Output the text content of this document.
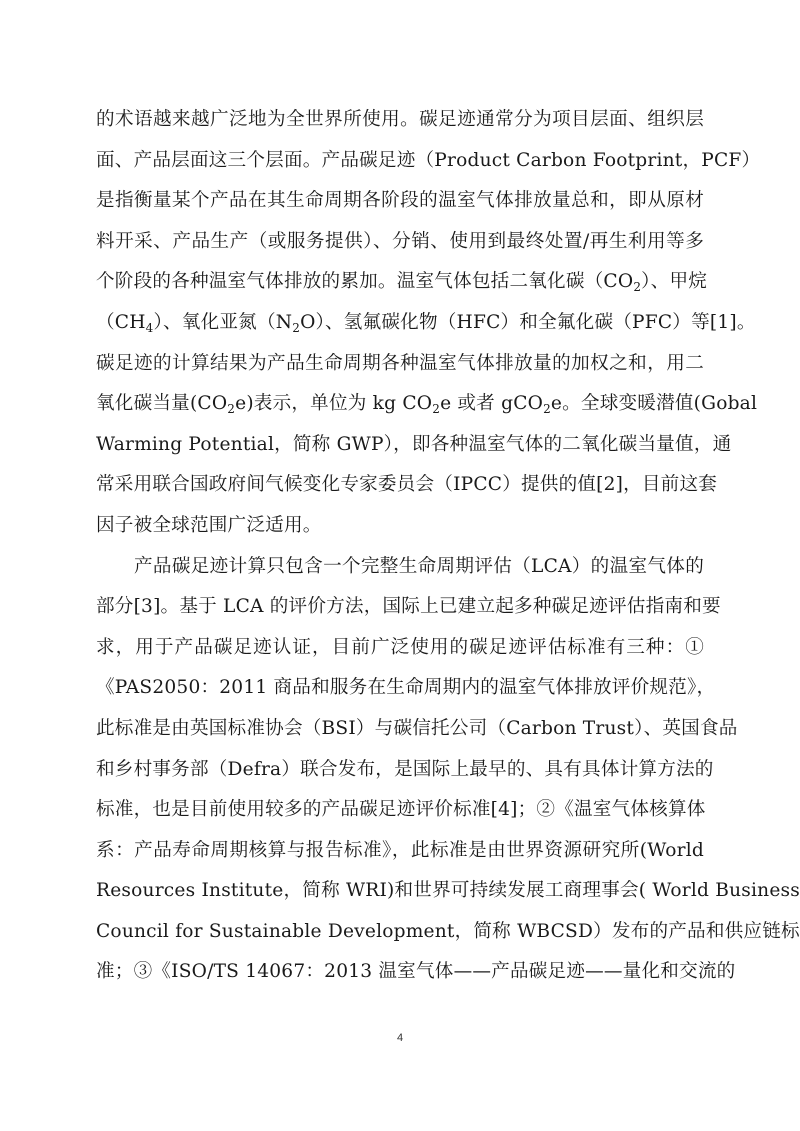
的术语越来越广泛地为全世界所使用。碳足迹通常分为项目层面、组织层
面、产品层面这三个层面。产品碳足迹（Product Carbon Footprint，PCF）
是指衡量某个产品在其生命周期各阶段的温室气体排放量总和，即从原材
料开采、产品生产（或服务提供）、分销、使用到最终处置/再生利用等多
个阶段的各种温室气体排放的累加。温室气体包括二氧化碳$(CO_2)$、甲烷
$(CH_4)$、氧化亚氮$(N_2O)$、氢氟碳化物（HFC）和全氟化碳（PFC）等[1]。
碳足迹的计算结果为产品生命周期各种温室气体排放量的加权之和，用二
氧化碳当量$(CO_2e)$表示，单位为 kg $CO_2e$ 或者 gCO$_2$e。全球变暖潜值(Gobal
Warming Potential，简称 GWP），即各种温室气体的二氧化碳当量值，通
常采用联合国政府间气候变化专家委员会（IPCC）提供的值[2]，目前这套
因子被全球范围广泛适用。
产品碳足迹计算只包含一个完整生命周期评估（LCA）的温室气体的
部分[3]。基于 LCA 的评价方法，国际上已建立起多种碳足迹评估指南和要
求，用于产品碳足迹认证，目前广泛使用的碳足迹评估标准有三种：①
《PAS2050：2011 商品和服务在生命周期内的温室气体排放评价规范》，
此标准是由英国标准协会（BSI）与碳信托公司（Carbon Trust）、英国食品
和乡村事务部（Defra）联合发布，是国际上最早的、具有具体计算方法的
标准，也是目前使用较多的产品碳足迹评价标准[4]；②《温室气体核算体
系：产品寿命周期核算与报告标准》，此标准是由世界资源研究所(World
Resources Institute，简称 WRI)和世界可持续发展工商理事会( World Business
Council for Sustainable Development，简称 WBCSD）发布的产品和供应链标
准；③《ISO/TS 14067：2013 温室气体——产品碳足迹——量化和交流的
4
